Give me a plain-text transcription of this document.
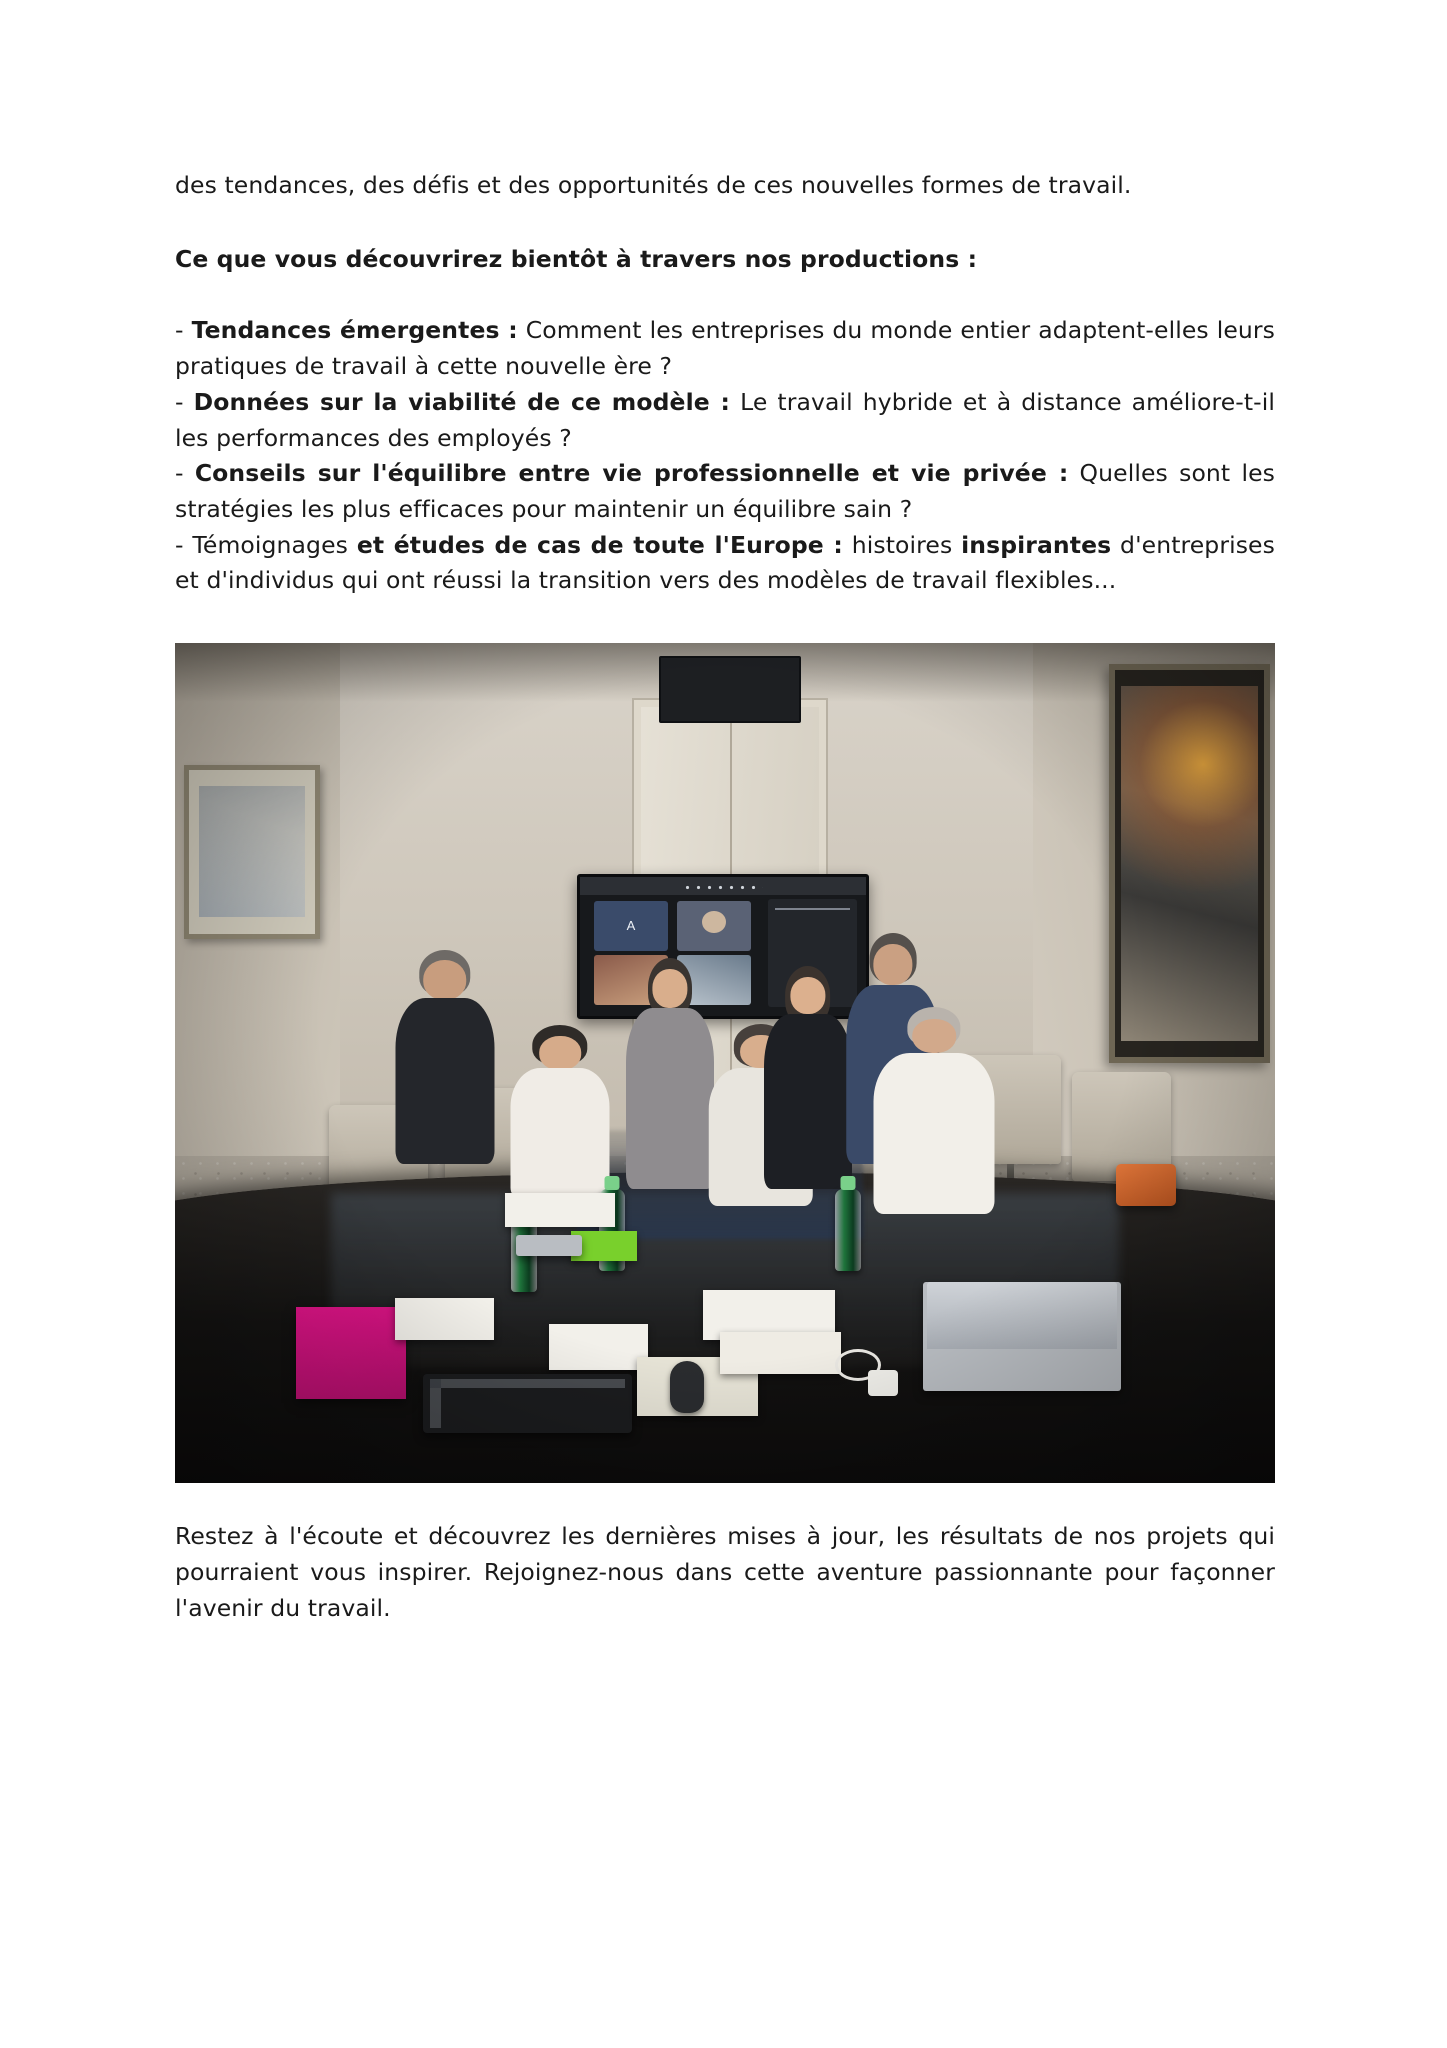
des tendances, des défis et des opportunités de ces nouvelles formes de travail.

Ce que vous découvrirez bientôt à travers nos productions :

- Tendances émergentes : Comment les entreprises du monde entier adaptent-elles leurs pratiques de travail à cette nouvelle ère ?

- Données sur la viabilité de ce modèle : Le travail hybride et à distance améliore-t-il les performances des employés ?

- Conseils sur l'équilibre entre vie professionnelle et vie privée : Quelles sont les stratégies les plus efficaces pour maintenir un équilibre sain ?

- Témoignages et études de cas de toute l'Europe : histoires inspirantes d'entreprises et d'individus qui ont réussi la transition vers des modèles de travail flexibles...

A

Restez à l'écoute et découvrez les dernières mises à jour, les résultats de nos projets qui pourraient vous inspirer. Rejoignez-nous dans cette aventure passionnante pour façonner l'avenir du travail.
